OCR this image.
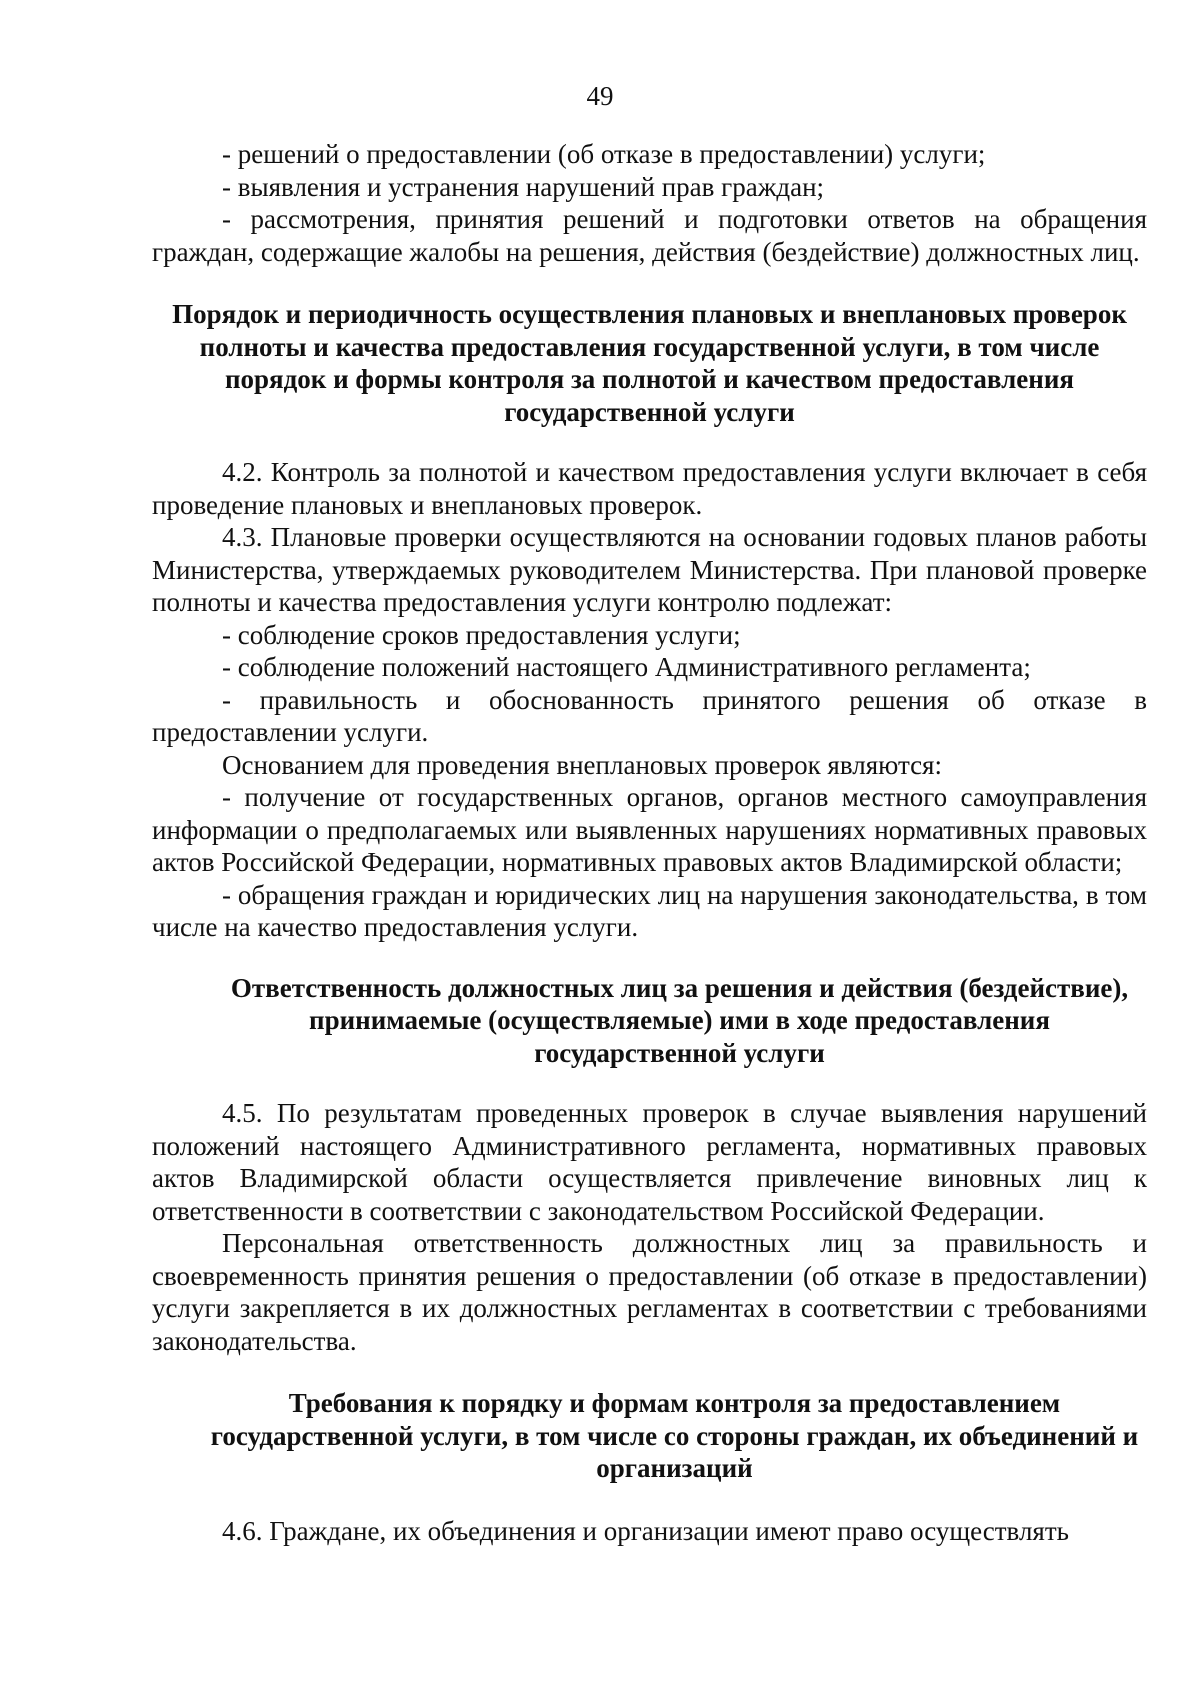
49

- решений о предоставлении (об отказе в предоставлении) услуги;

- выявления и устранения нарушений прав граждан;

- рассмотрения, принятия решений и подготовки ответов на обращения граждан, содержащие жалобы на решения, действия (бездействие) должностных лиц.

Порядок и периодичность осуществления плановых и внеплановых проверок полноты и качества предоставления государственной услуги, в том числе порядок и формы контроля за полнотой и качеством предоставления государственной услуги

4.2. Контроль за полнотой и качеством предоставления услуги включает в себя проведение плановых и внеплановых проверок.

4.3. Плановые проверки осуществляются на основании годовых планов работы Министерства, утверждаемых руководителем Министерства. При плановой проверке полноты и качества предоставления услуги контролю подлежат:

- соблюдение сроков предоставления услуги;

- соблюдение положений настоящего Административного регламента;

- правильность и обоснованность принятого решения об отказе в предоставлении услуги.

Основанием для проведения внеплановых проверок являются:

- получение от государственных органов, органов местного самоуправления информации о предполагаемых или выявленных нарушениях нормативных правовых актов Российской Федерации, нормативных правовых актов Владимирской области;

- обращения граждан и юридических лиц на нарушения законодательства, в том числе на качество предоставления услуги.

Ответственность должностных лиц за решения и действия (бездействие), принимаемые (осуществляемые) ими в ходе предоставления государственной услуги

4.5. По результатам проведенных проверок в случае выявления нарушений положений настоящего Административного регламента, нормативных правовых актов Владимирской области осуществляется привлечение виновных лиц к ответственности в соответствии с законодательством Российской Федерации.

Персональная ответственность должностных лиц за правильность и своевременность принятия решения о предоставлении (об отказе в предоставлении) услуги закрепляется в их должностных регламентах в соответствии с требованиями законодательства.

Требования к порядку и формам контроля за предоставлением государственной услуги, в том числе со стороны граждан, их объединений и организаций

4.6. Граждане, их объединения и организации имеют право осуществлять
